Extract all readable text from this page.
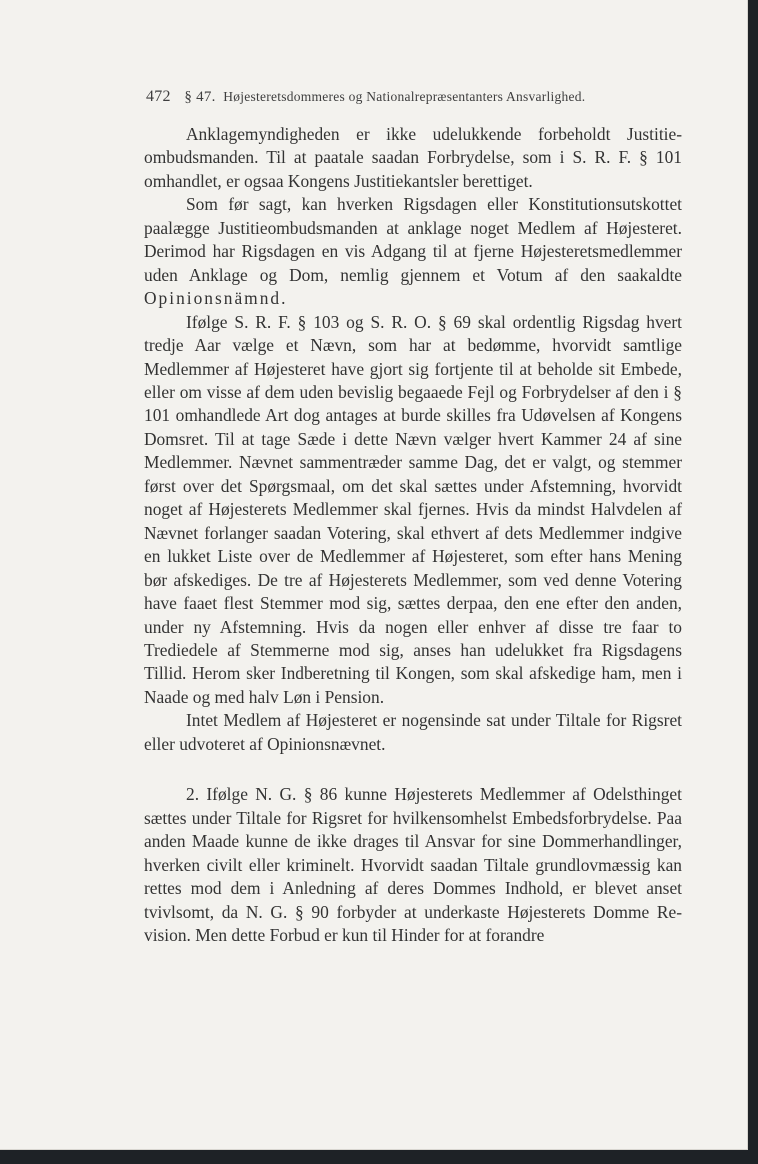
472 § 47. Højesteretsdommeres og Nationalrepræsentanters Ansvarlighed.

Anklagemyndigheden er ikke udelukkende forbeholdt Justitieombudsmanden. Til at paatale saadan Forbrydelse, som i S. R. F. § 101 omhandlet, er ogsaa Kongens Justitiekantsler berettiget.

Som før sagt, kan hverken Rigsdagen eller Konstitutionsutskottet paalægge Justitieombudsmanden at anklage noget Medlem af Højesteret. Derimod har Rigsdagen en vis Adgang til at fjerne Højesteretsmedlemmer uden Anklage og Dom, nemlig gjennem et Votum af den saakaldte Opinionsnämnd.

Ifølge S. R. F. § 103 og S. R. O. § 69 skal ordentlig Rigsdag hvert tredje Aar vælge et Nævn, som har at bedømme, hvorvidt samtlige Medlemmer af Højesteret have gjort sig fortjente til at beholde sit Embede, eller om visse af dem uden bevislig begaaede Fejl og Forbrydelser af den i § 101 omhandlede Art dog antages at burde skilles fra Udøvelsen af Kongens Domsret. Til at tage Sæde i dette Nævn vælger hvert Kammer 24 af sine Medlemmer. Nævnet sammentræder samme Dag, det er valgt, og stemmer først over det Spørgsmaal, om det skal sættes under Afstemning, hvorvidt noget af Højesterets Medlemmer skal fjernes. Hvis da mindst Halvdelen af Nævnet forlanger saadan Votering, skal ethvert af dets Medlemmer indgive en lukket Liste over de Medlemmer af Højesteret, som efter hans Mening bør afskediges. De tre af Højesterets Medlemmer, som ved denne Votering have faaet flest Stemmer mod sig, sættes derpaa, den ene efter den anden, under ny Afstemning. Hvis da nogen eller enhver af disse tre faar to Trediedele af Stemmerne mod sig, anses han udelukket fra Rigsdagens Tillid. Herom sker Indberetning til Kongen, som skal afskedige ham, men i Naade og med halv Løn i Pension.

Intet Medlem af Højesteret er nogensinde sat under Tiltale for Rigsret eller udvoteret af Opinionsnævnet.

2. Ifølge N. G. § 86 kunne Højesterets Medlemmer af Odelsthinget sættes under Tiltale for Rigsret for hvilkensomhelst Embedsforbrydelse. Paa anden Maade kunne de ikke drages til Ansvar for sine Dommerhandlinger, hverken civilt eller kriminelt. Hvorvidt saadan Tiltale grundlovmæssig kan rettes mod dem i Anledning af deres Dommes Indhold, er blevet anset tvivlsomt, da N. G. § 90 forbyder at underkaste Højesterets Domme Revision. Men dette Forbud er kun til Hinder for at forandre
